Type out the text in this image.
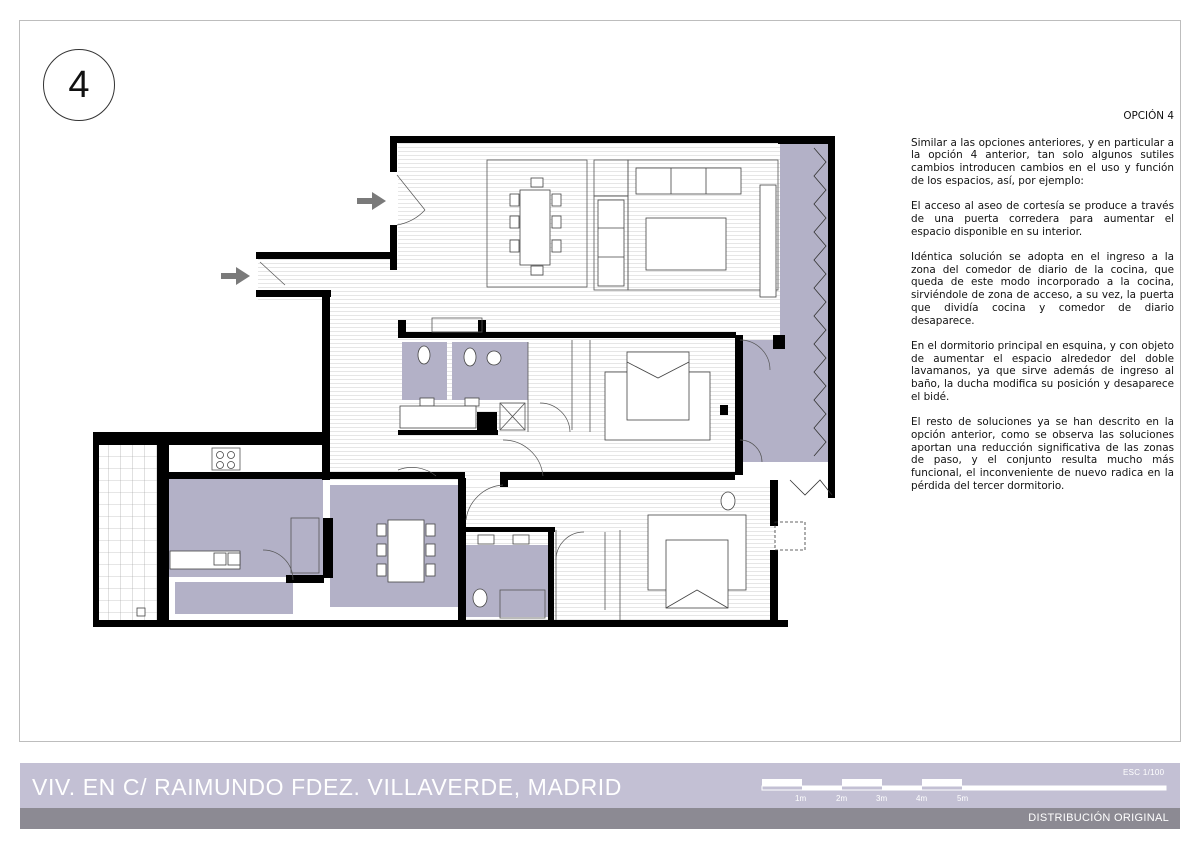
4
OPCIÓN 4

Similar a las opciones anteriores, y en particular a la opción 4 anterior, tan solo algunos sutiles cambios introducen cambios en el uso y función de los espacios, así, por ejemplo:

El acceso al aseo de cortesía se produce a través de una puerta corredera para aumentar el espacio disponible en su interior.

Idéntica solución se adopta en el ingreso a la zona del comedor de diario de la cocina, que queda de este modo incorporado a la cocina, sirviéndole de zona de acceso, a su vez, la puerta que dividía cocina y comedor de diario desaparece.

En el dormitorio principal en esquina, y con objeto de aumentar el espacio alrededor del doble lavamanos, ya que sirve además de ingreso al baño, la ducha modifica su posición y desaparece el bidé.

El resto de soluciones ya se han descrito en la opción anterior, como se observa las soluciones aportan una reducción significativa de las zonas de paso, y el conjunto resulta mucho más funcional, el inconveniente de nuevo radica en la pérdida del tercer dormitorio.

VIV. EN C/ RAIMUNDO FDEZ. VILLAVERDE, MADRID
ESC 1/100
1m	2m	3m	4m	5m
DISTRIBUCIÓN ORIGINAL
